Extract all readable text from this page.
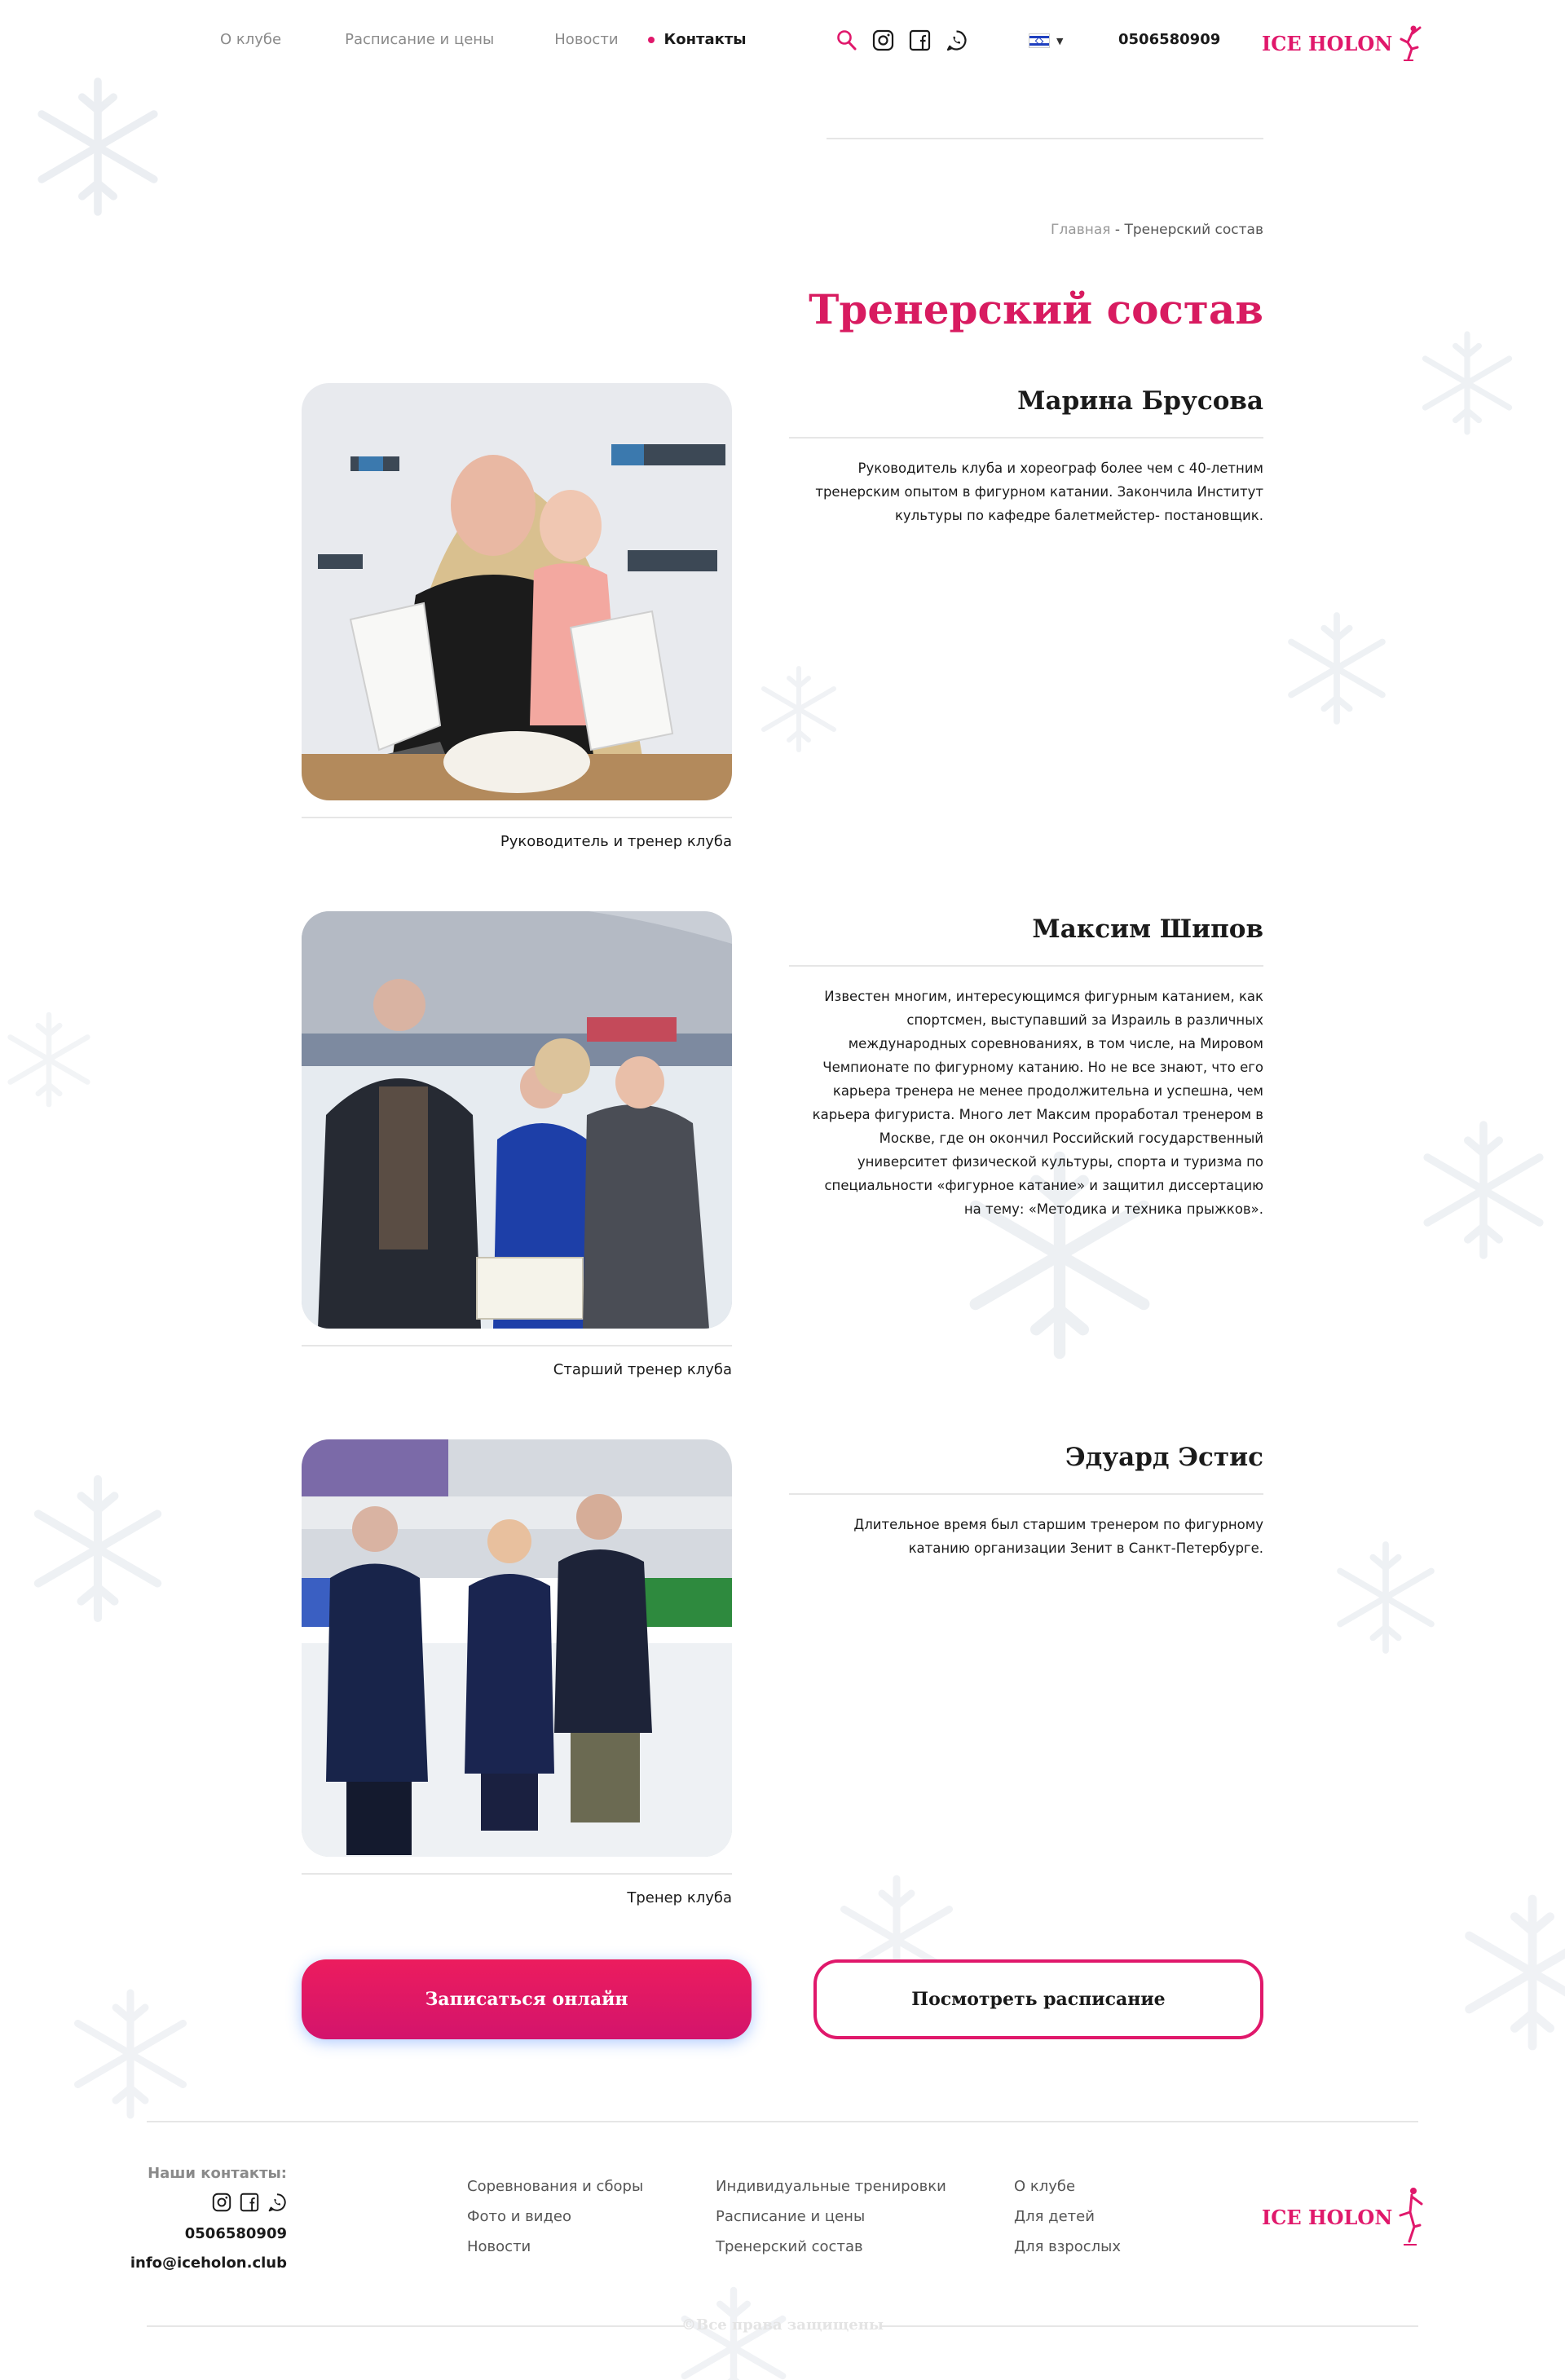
О клубе	Расписание и цены	Новости	Контакты	▼	0506580909 ICE HOLON
Главная - Тренерский состав
Тренерский состав
Руководитель и тренер клуба
Марина Брусова

Руководитель клуба и хореограф более чем с 40-летним тренерским опытом в фигурном катании. Закончила Институт культуры по кафедре балетмейстер- постановщик.

Старший тренер клуба
Максим Шипов

Известен многим, интересующимся фигурным катанием, как спортсмен, выступавший за Израиль в различных международных соревнованиях, в том числе, на Мировом Чемпионате по фигурному катанию. Но не все знают, что его карьера тренера не менее продолжительна и успешна, чем карьера фигуриста. Много лет Максим проработал тренером в Москве, где он окончил Российский государственный университет физической культуры, спорта и туризма по специальности «фигурное катание» и защитил диссертацию на тему: «Методика и техника прыжков».

Тренер клуба
Эдуард Эстис

Длительное время был старшим тренером по фигурному катанию организации Зенит в Санкт-Петербурге.

Записаться онлайн	Посмотреть расписание
Наши контакты:
0506580909
info@iceholon.club
Соревнования и сборы
Фото и видео
Новости
Индивидуальные тренировки
Расписание и цены
Тренерский состав
О клубе
Для детей
Для взрослых
ICE HOLON
©Все права защищены
